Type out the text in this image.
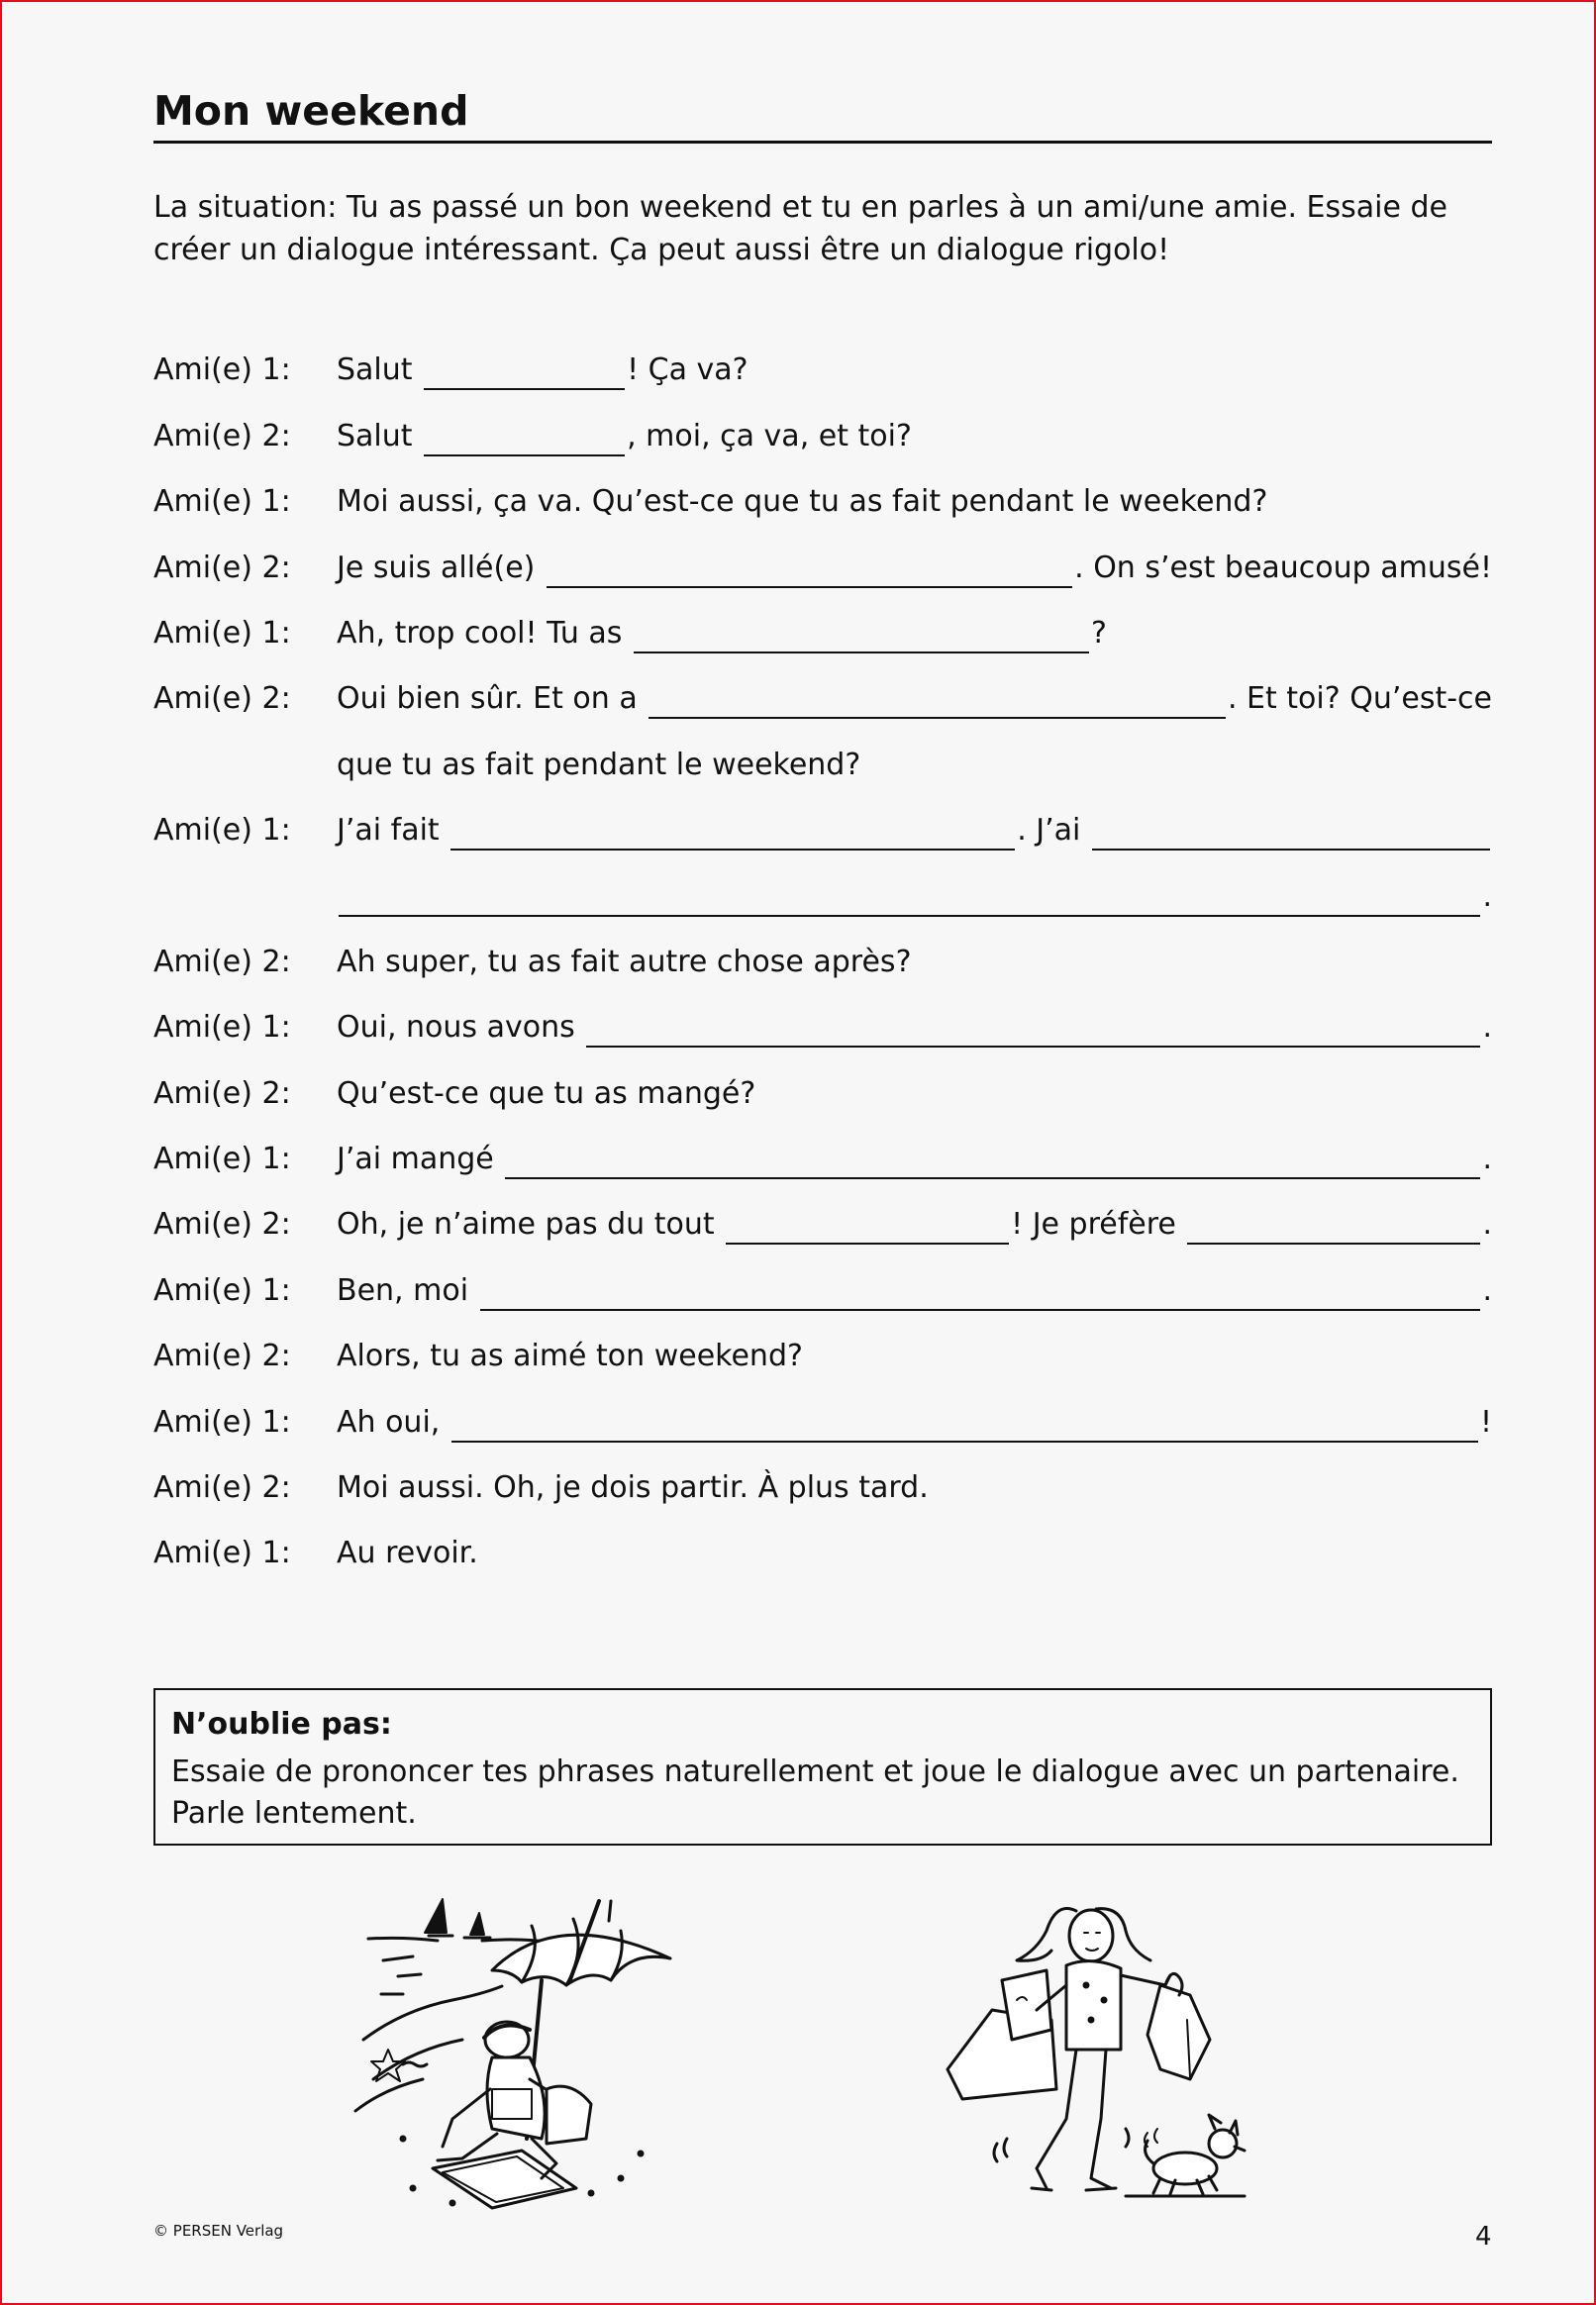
Mon weekend
La situation: Tu as passé un bon weekend et tu en parles à un ami/une amie. Essaie de créer un dialogue intéressant. Ça peut aussi être un dialogue rigolo!
Ami(e) 1:	Salut	! Ça va?
Ami(e) 2:	Salut	, moi, ça va, et toi?
Ami(e) 1:	Moi aussi, ça va. Qu’est-ce que tu as fait pendant le weekend?
Ami(e) 2:	Je suis allé(e)	. On s’est beaucoup amusé!
Ami(e) 1:	Ah, trop cool! Tu as	?
Ami(e) 2:	Oui bien sûr. Et on a	. Et toi? Qu’est-ce
que tu as fait pendant le weekend?
Ami(e) 1:	J’ai fait	. J’ai
.
Ami(e) 2:	Ah super, tu as fait autre chose après?
Ami(e) 1:	Oui, nous avons	.
Ami(e) 2:	Qu’est-ce que tu as mangé?
Ami(e) 1:	J’ai mangé	.
Ami(e) 2:	Oh, je n’aime pas du tout	! Je préfère	.
Ami(e) 1:	Ben, moi	.
Ami(e) 2:	Alors, tu as aimé ton weekend?
Ami(e) 1:	Ah oui,	!
Ami(e) 2:	Moi aussi. Oh, je dois partir. À plus tard.
Ami(e) 1:	Au revoir.
N’oublie pas:
Essaie de prononcer tes phrases naturellement et joue le dialogue avec un partenaire. Parle lentement.
© PERSEN Verlag	4
